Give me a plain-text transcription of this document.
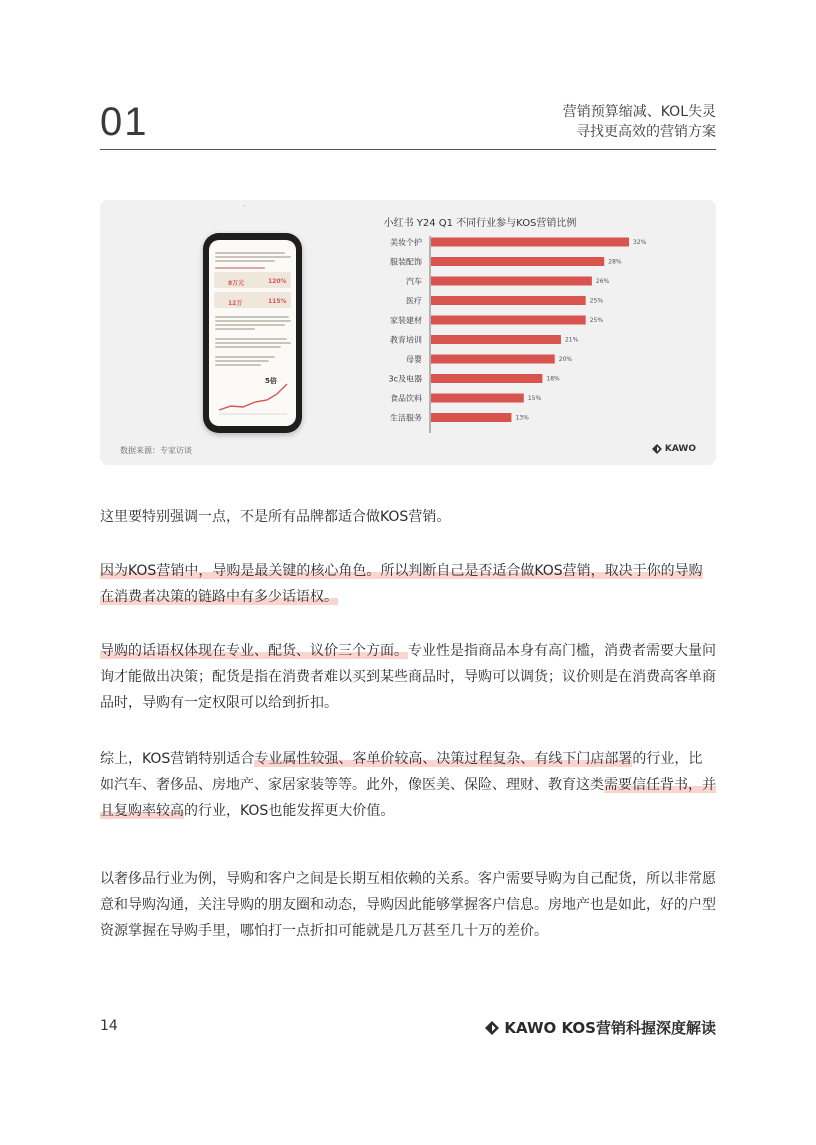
01	营销预算缩减、KOL失灵
寻找更高效的营销方案
·
8万元	120%
12万	115%
5倍
小红书 Y24 Q1 不同行业参与KOS营销比例
美妆个护	32%
服装配饰	28%
汽车	26%
医疗	25%
家装建材	25%
教育培训	21%
母婴	20%
3c及电器	18%
食品饮料	15%
生活服务	13%
数据来源：专家访谈	KAWO

这里要特别强调一点，不是所有品牌都适合做KOS营销。

因为KOS营销中，导购是最关键的核心角色。所以判断自己是否适合做KOS营销，取决于你的导购在消费者决策的链路中有多少话语权。

导购的话语权体现在专业、配货、议价三个方面。专业性是指商品本身有高门槛，消费者需要大量问询才能做出决策；配货是指在消费者难以买到某些商品时，导购可以调货；议价则是在消费高客单商品时，导购有一定权限可以给到折扣。

综上，KOS营销特别适合专业属性较强、客单价较高、决策过程复杂、有线下门店部署的行业，比如汽车、奢侈品、房地产、家居家装等等。此外，像医美、保险、理财、教育这类需要信任背书，并且复购率较高的行业，KOS也能发挥更大价值。

以奢侈品行业为例，导购和客户之间是长期互相依赖的关系。客户需要导购为自己配货，所以非常愿意和导购沟通，关注导购的朋友圈和动态，导购因此能够掌握客户信息。房地产也是如此，好的户型资源掌握在导购手里，哪怕打一点折扣可能就是几万甚至几十万的差价。

14	KAWO KOS营销科握深度解读
